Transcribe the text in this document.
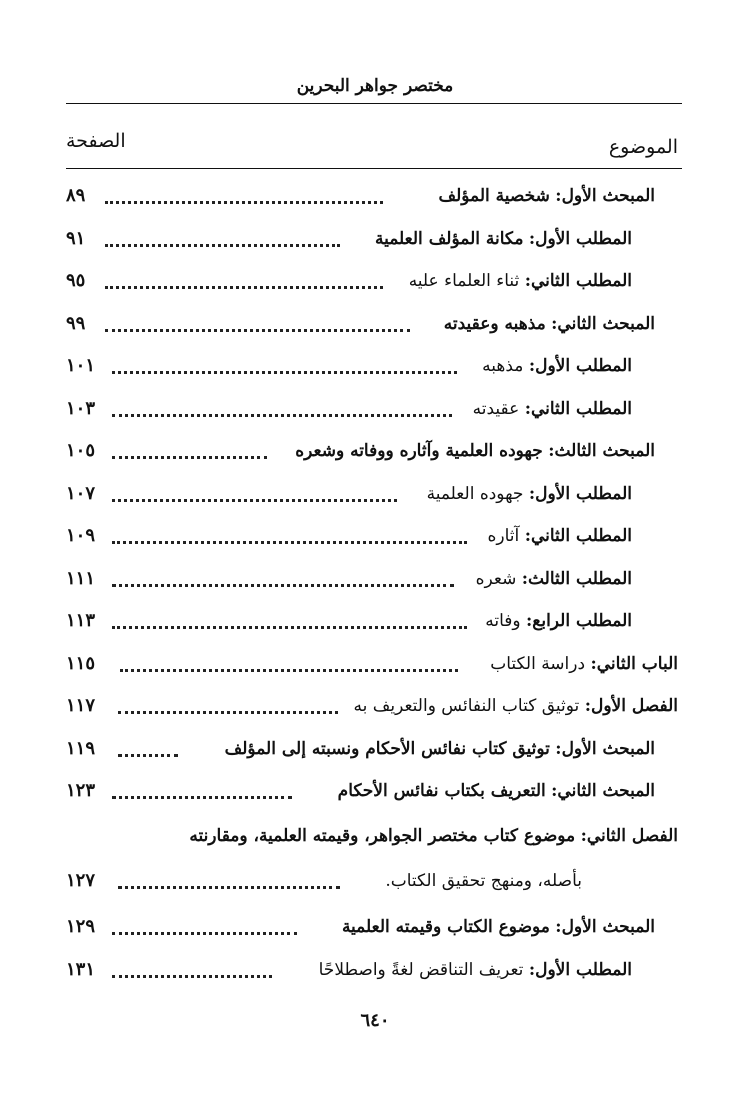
مختصر جواهر البحرين
الموضوع
الصفحة
المبحث الأول: شخصية المؤلف
٨٩
المطلب الأول: مكانة المؤلف العلمية
٩١
المطلب الثاني: ثناء العلماء عليه
٩٥
المبحث الثاني: مذهبه وعقيدته
٩٩
المطلب الأول: مذهبه
١٠١
المطلب الثاني: عقيدته
١٠٣
المبحث الثالث: جهوده العلمية وآثاره ووفاته وشعره
١٠٥
المطلب الأول: جهوده العلمية
١٠٧
المطلب الثاني: آثاره
١٠٩
المطلب الثالث: شعره
١١١
المطلب الرابع: وفاته
١١٣
الباب الثاني: دراسة الكتاب
١١٥
الفصل الأول: توثيق كتاب النفائس والتعريف به
١١٧
المبحث الأول: توثيق كتاب نفائس الأحكام ونسبته إلى المؤلف
١١٩
المبحث الثاني: التعريف بكتاب نفائس الأحكام
١٢٣
الفصل الثاني: موضوع كتاب مختصر الجواهر، وقيمته العلمية، ومقارنته
بأصله، ومنهج تحقيق الكتاب.
١٢٧
المبحث الأول: موضوع الكتاب وقيمته العلمية
١٢٩
المطلب الأول: تعريف التناقض لغةً واصطلاحًا
١٣١
٦٤٠
